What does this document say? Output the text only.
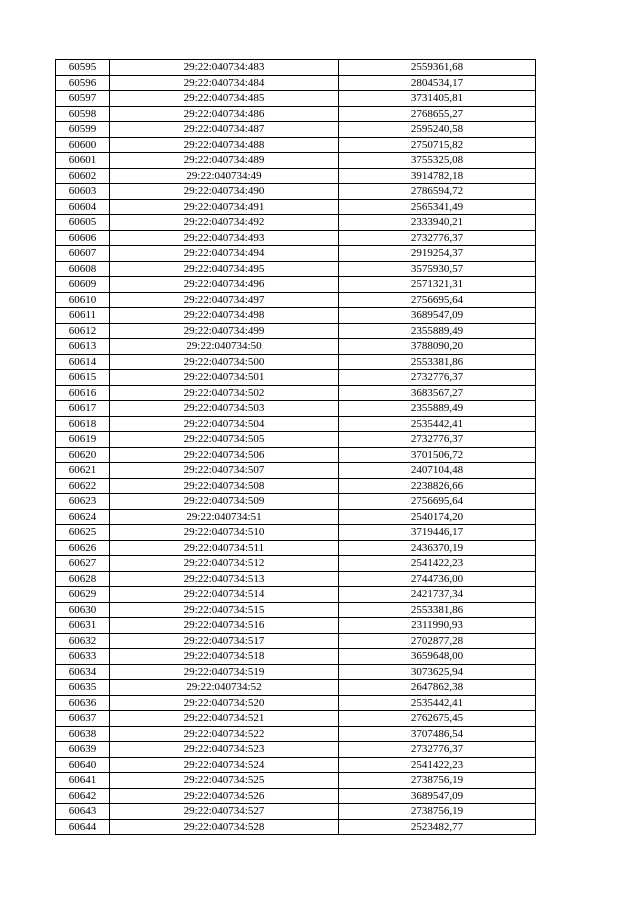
60595	29:22:040734:483	2559361,68
60596	29:22:040734:484	2804534,17
60597	29:22:040734:485	3731405,81
60598	29:22:040734:486	2768655,27
60599	29:22:040734:487	2595240,58
60600	29:22:040734:488	2750715,82
60601	29:22:040734:489	3755325,08
60602	29:22:040734:49	3914782,18
60603	29:22:040734:490	2786594,72
60604	29:22:040734:491	2565341,49
60605	29:22:040734:492	2333940,21
60606	29:22:040734:493	2732776,37
60607	29:22:040734:494	2919254,37
60608	29:22:040734:495	3575930,57
60609	29:22:040734:496	2571321,31
60610	29:22:040734:497	2756695,64
60611	29:22:040734:498	3689547,09
60612	29:22:040734:499	2355889,49
60613	29:22:040734:50	3788090,20
60614	29:22:040734:500	2553381,86
60615	29:22:040734:501	2732776,37
60616	29:22:040734:502	3683567,27
60617	29:22:040734:503	2355889,49
60618	29:22:040734:504	2535442,41
60619	29:22:040734:505	2732776,37
60620	29:22:040734:506	3701506,72
60621	29:22:040734:507	2407104,48
60622	29:22:040734:508	2238826,66
60623	29:22:040734:509	2756695,64
60624	29:22:040734:51	2540174,20
60625	29:22:040734:510	3719446,17
60626	29:22:040734:511	2436370,19
60627	29:22:040734:512	2541422,23
60628	29:22:040734:513	2744736,00
60629	29:22:040734:514	2421737,34
60630	29:22:040734:515	2553381,86
60631	29:22:040734:516	2311990,93
60632	29:22:040734:517	2702877,28
60633	29:22:040734:518	3659648,00
60634	29:22:040734:519	3073625,94
60635	29:22:040734:52	2647862,38
60636	29:22:040734:520	2535442,41
60637	29:22:040734:521	2762675,45
60638	29:22:040734:522	3707486,54
60639	29:22:040734:523	2732776,37
60640	29:22:040734:524	2541422,23
60641	29:22:040734:525	2738756,19
60642	29:22:040734:526	3689547,09
60643	29:22:040734:527	2738756,19
60644	29:22:040734:528	2523482,77
